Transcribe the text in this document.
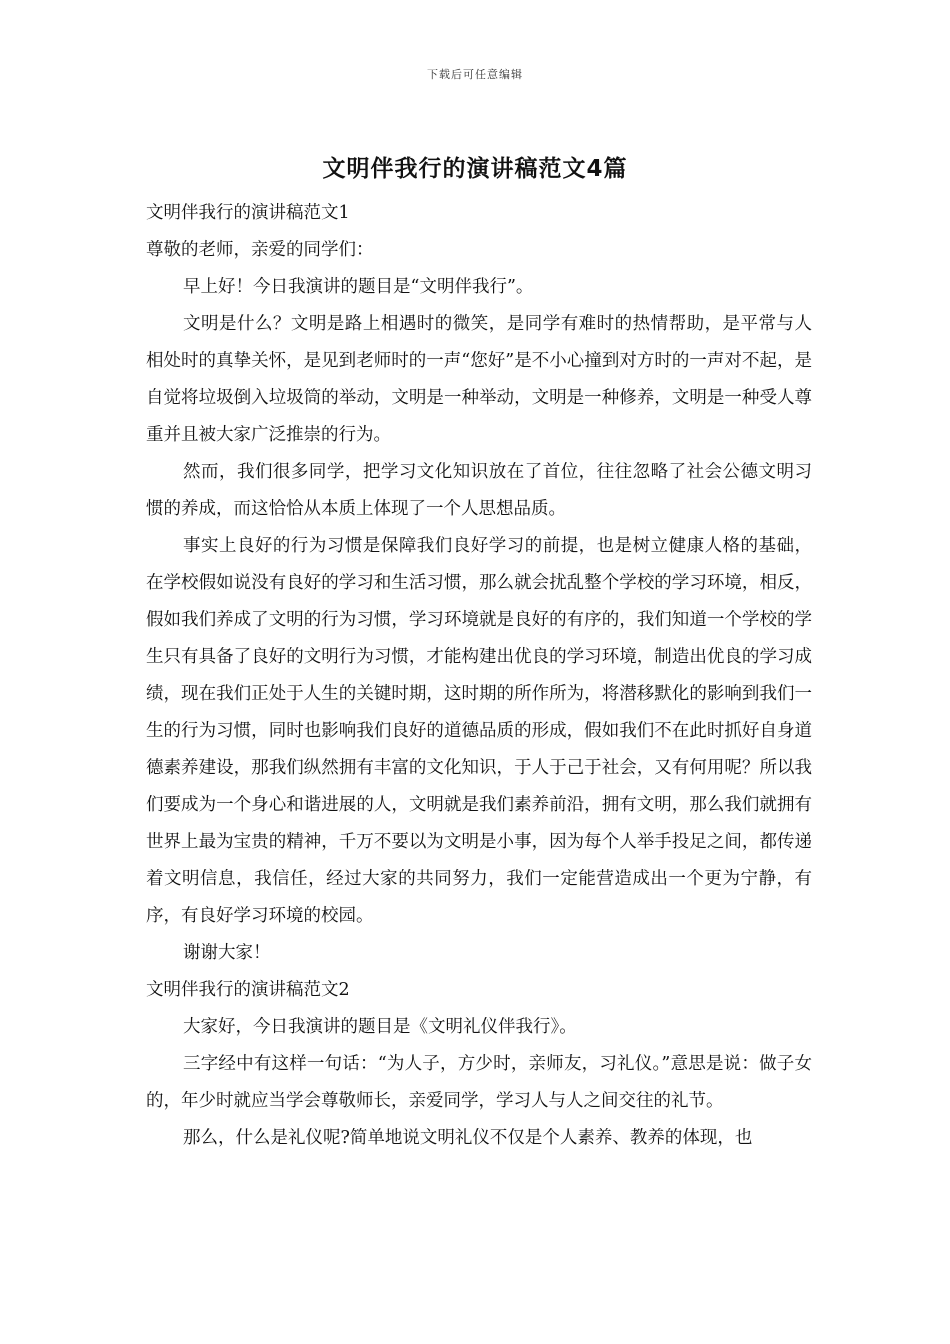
下载后可任意编辑
文明伴我行的演讲稿范文4篇

文明伴我行的演讲稿范文1

尊敬的老师，亲爱的同学们：

早上好！今日我演讲的题目是“文明伴我行”。

文明是什么？文明是路上相遇时的微笑，是同学有难时的热情帮助，是平常与人相处时的真挚关怀，是见到老师时的一声“您好”是不小心撞到对方时的一声对不起，是自觉将垃圾倒入垃圾筒的举动，文明是一种举动，文明是一种修养，文明是一种受人尊重并且被大家广泛推崇的行为。

然而，我们很多同学，把学习文化知识放在了首位，往往忽略了社会公德文明习惯的养成，而这恰恰从本质上体现了一个人思想品质。

事实上良好的行为习惯是保障我们良好学习的前提，也是树立健康人格的基础，在学校假如说没有良好的学习和生活习惯，那么就会扰乱整个学校的学习环境，相反，假如我们养成了文明的行为习惯，学习环境就是良好的有序的，我们知道一个学校的学生只有具备了良好的文明行为习惯，才能构建出优良的学习环境，制造出优良的学习成绩，现在我们正处于人生的关键时期，这时期的所作所为，将潜移默化的影响到我们一生的行为习惯，同时也影响我们良好的道德品质的形成，假如我们不在此时抓好自身道德素养建设，那我们纵然拥有丰富的文化知识，于人于己于社会，又有何用呢？所以我们要成为一个身心和谐进展的人，文明就是我们素养前沿，拥有文明，那么我们就拥有世界上最为宝贵的精神，千万不要以为文明是小事，因为每个人举手投足之间，都传递着文明信息，我信任，经过大家的共同努力，我们一定能营造成出一个更为宁静，有序，有良好学习环境的校园。

谢谢大家！

文明伴我行的演讲稿范文2

大家好，今日我演讲的题目是《文明礼仪伴我行》。

三字经中有这样一句话：“为人子，方少时，亲师友，习礼仪。”意思是说：做子女的，年少时就应当学会尊敬师长，亲爱同学，学习人与人之间交往的礼节。

那么，什么是礼仪呢?简单地说文明礼仪不仅是个人素养、教养的体现，也
